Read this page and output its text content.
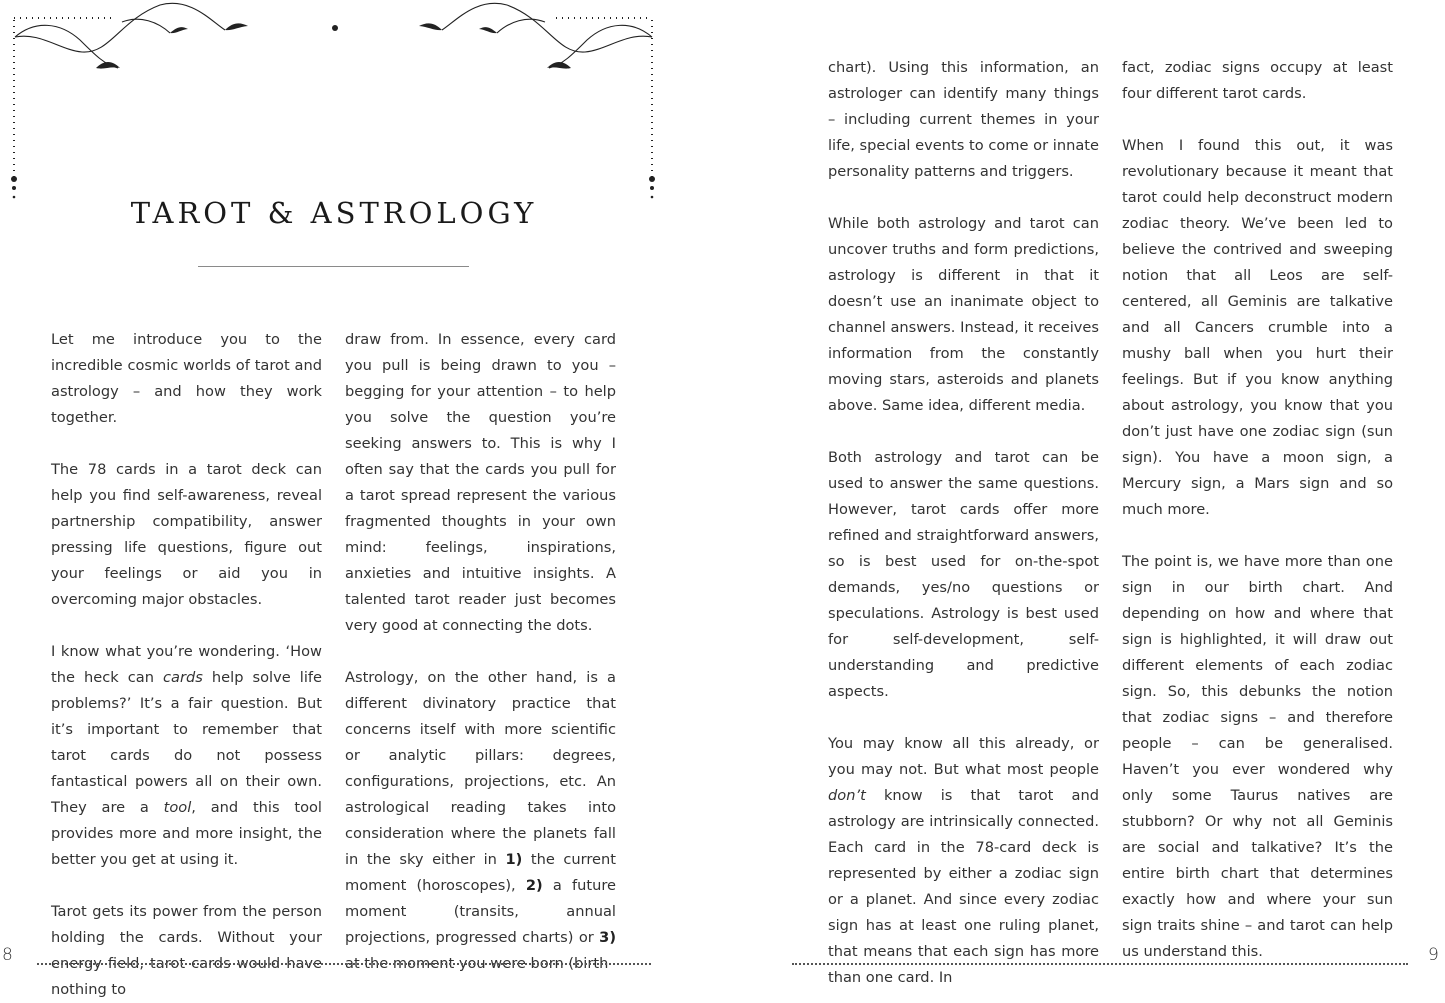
TAROT & ASTROLOGY

Let me introduce you to the incredible cosmic worlds of tarot and astrology – and how they work together.

The 78 cards in a tarot deck can help you find self-awareness, reveal partnership compatibility, answer pressing life questions, figure out your feelings or aid you in overcoming major obstacles.

I know what you’re wondering. ‘How the heck can cards help solve life problems?’ It’s a fair question. But it’s important to remember that tarot cards do not possess fantastical powers all on their own. They are a tool, and this tool provides more and more insight, the better you get at using it.

Tarot gets its power from the person holding the cards. Without your energy field, tarot cards would have nothing to

draw from. In essence, every card you pull is being drawn to you – begging for your attention – to help you solve the question you’re seeking answers to. This is why I often say that the cards you pull for a tarot spread represent the various fragmented thoughts in your own mind: feelings, inspirations, anxieties and intuitive insights. A talented tarot reader just becomes very good at connecting the dots.

Astrology, on the other hand, is a different divinatory practice that concerns itself with more scientific or analytic pillars: degrees, configurations, projections, etc. An astrological reading takes into consideration where the planets fall in the sky either in 1) the current moment (horoscopes), 2) a future moment (transits, annual projections, progressed charts) or 3) at the moment you were born (birth

8

chart). Using this information, an astrologer can identify many things – including current themes in your life, special events to come or innate personality patterns and triggers.

While both astrology and tarot can uncover truths and form predictions, astrology is different in that it doesn’t use an inanimate object to channel answers. Instead, it receives information from the constantly moving stars, asteroids and planets above. Same idea, different media.

Both astrology and tarot can be used to answer the same questions. However, tarot cards offer more refined and straightforward answers, so is best used for on-the-spot demands, yes/no questions or speculations. Astrology is best used for self-development, self-understanding and predictive aspects.

You may know all this already, or you may not. But what most people don’t know is that tarot and astrology are intrinsically connected. Each card in the 78-card deck is represented by either a zodiac sign or a planet. And since every zodiac sign has at least one ruling planet, that means that each sign has more than one card. In

fact, zodiac signs occupy at least four different tarot cards.

When I found this out, it was revolutionary because it meant that tarot could help deconstruct modern zodiac theory. We’ve been led to believe the contrived and sweeping notion that all Leos are self-centered, all Geminis are talkative and all Cancers crumble into a mushy ball when you hurt their feelings. But if you know anything about astrology, you know that you don’t just have one zodiac sign (sun sign). You have a moon sign, a Mercury sign, a Mars sign and so much more.

The point is, we have more than one sign in our birth chart. And depending on how and where that sign is highlighted, it will draw out different elements of each zodiac sign. So, this debunks the notion that zodiac signs – and therefore people – can be generalised. Haven’t you ever wondered why only some Taurus natives are stubborn? Or why not all Geminis are social and talkative? It’s the entire birth chart that determines exactly how and where your sun sign traits shine – and tarot can help us understand this.	9
